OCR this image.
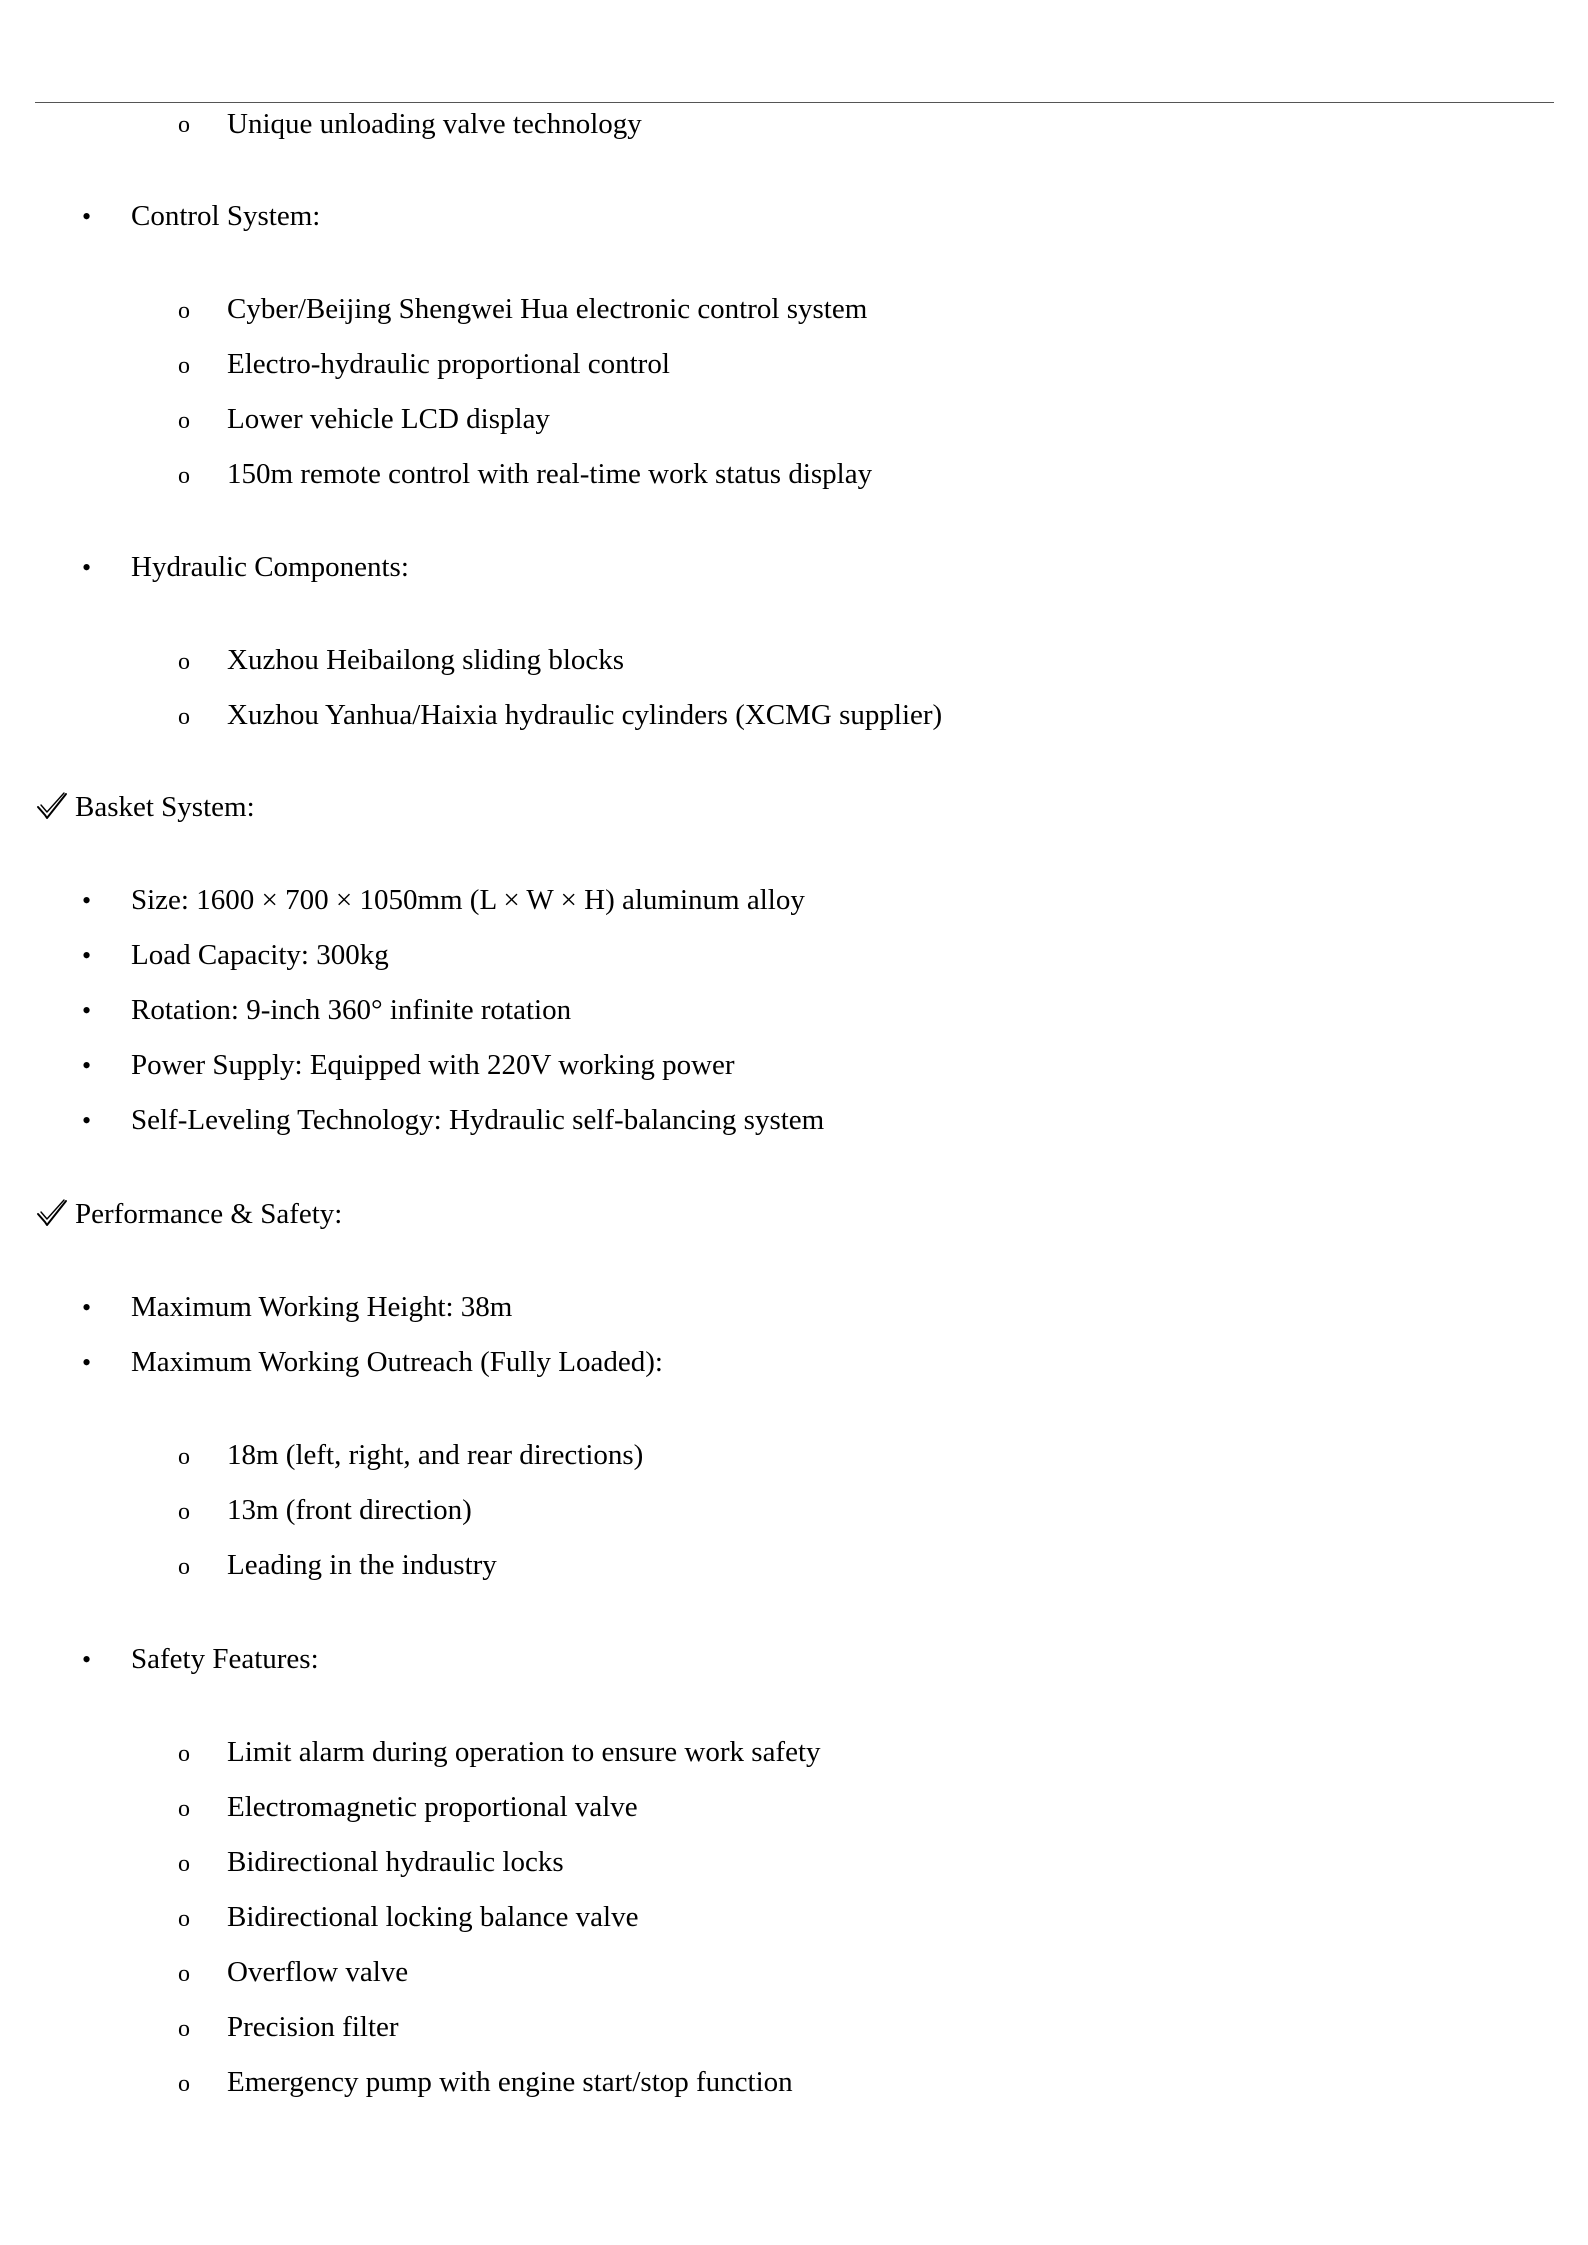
o Unique unloading valve technology
• Control System:
o Cyber/Beijing Shengwei Hua electronic control system
o Electro-hydraulic proportional control
o Lower vehicle LCD display
o 150m remote control with real-time work status display
• Hydraulic Components:
o Xuzhou Heibailong sliding blocks
o Xuzhou Yanhua/Haixia hydraulic cylinders (XCMG supplier)
Basket System:
• Size: 1600 × 700 × 1050mm (L × W × H) aluminum alloy
• Load Capacity: 300kg
• Rotation: 9-inch 360° infinite rotation
• Power Supply: Equipped with 220V working power
• Self-Leveling Technology: Hydraulic self-balancing system
Performance & Safety:
• Maximum Working Height: 38m
• Maximum Working Outreach (Fully Loaded):
o 18m (left, right, and rear directions)
o 13m (front direction)
o Leading in the industry
• Safety Features:
o Limit alarm during operation to ensure work safety
o Electromagnetic proportional valve
o Bidirectional hydraulic locks
o Bidirectional locking balance valve
o Overflow valve
o Precision filter
o Emergency pump with engine start/stop function
